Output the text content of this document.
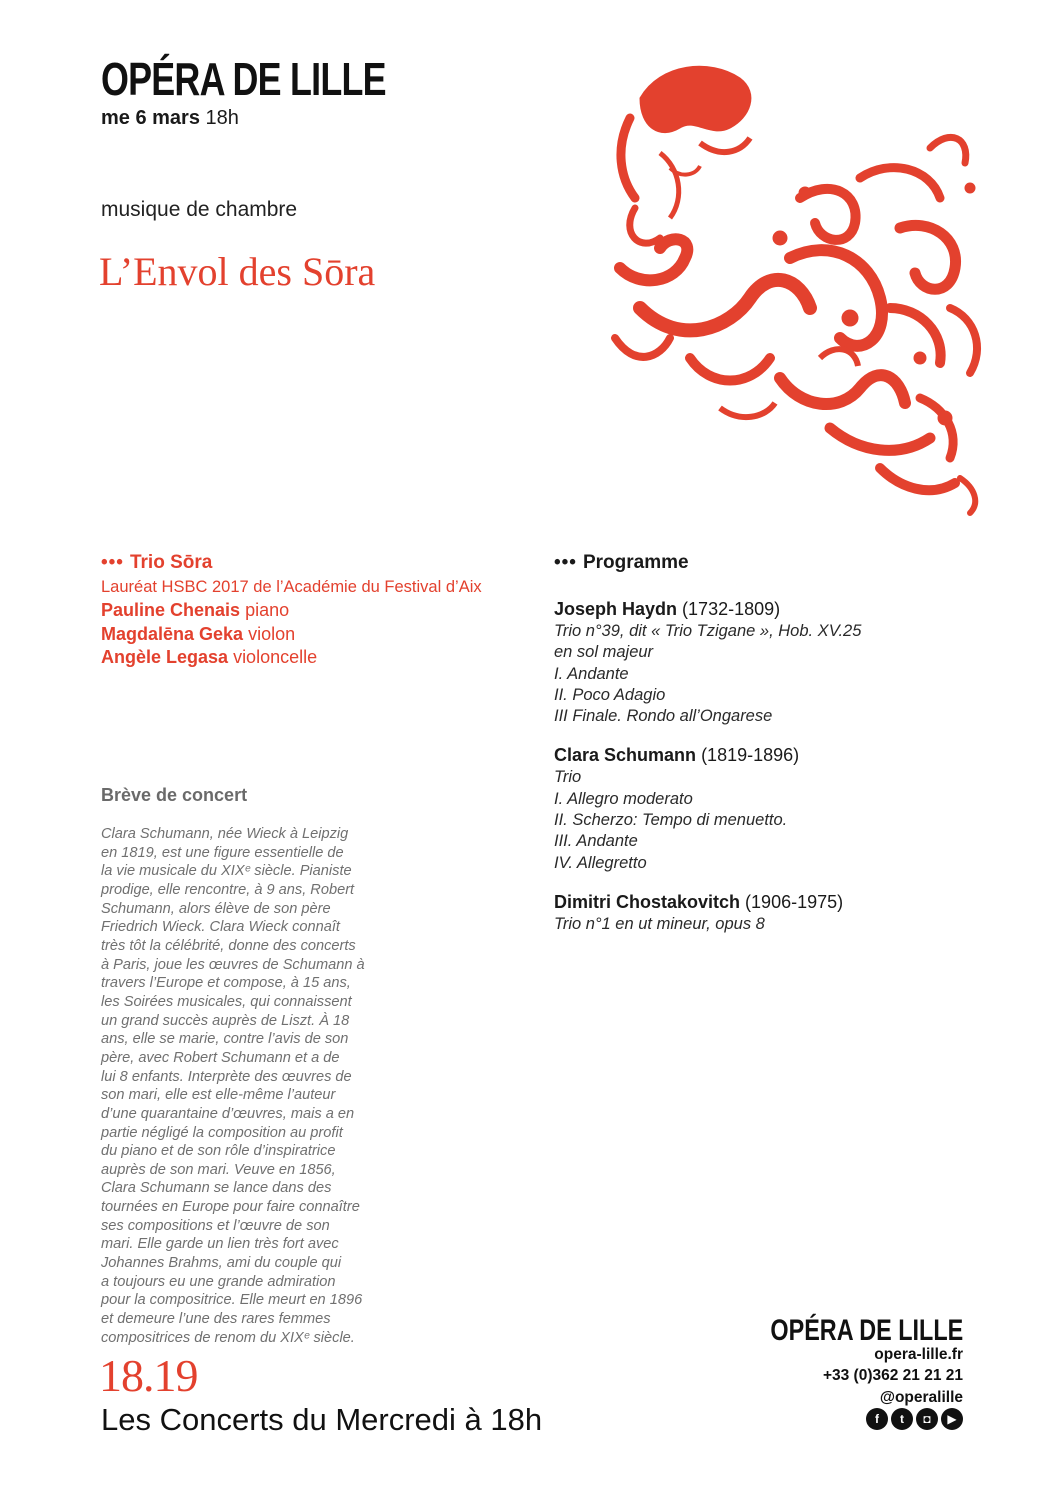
OPÉRA DE LILLE
me 6 mars 18h
musique de chambre
L’Envol des Sōra
••• Trio Sōra
Lauréat HSBC 2017 de l’Académie du Festival d’Aix
Pauline Chenais piano
Magdalēna Geka violon
Angèle Legasa violoncelle
••• Programme
Joseph Haydn (1732-1809)
Trio n°39, dit « Trio Tzigane », Hob. XV.25
en sol majeur
I. Andante
II. Poco Adagio
III Finale. Rondo all’Ongarese
Clara Schumann (1819-1896)
Trio
I. Allegro moderato
II. Scherzo: Tempo di menuetto.
III. Andante
IV. Allegretto
Dimitri Chostakovitch (1906-1975)
Trio n°1 en ut mineur, opus 8
Brève de concert
Clara Schumann, née Wieck à Leipzig
en 1819, est une figure essentielle de
la vie musicale du XIXᵉ siècle. Pianiste
prodige, elle rencontre, à 9 ans, Robert
Schumann, alors élève de son père
Friedrich Wieck. Clara Wieck connaît
très tôt la célébrité, donne des concerts
à Paris, joue les œuvres de Schumann à
travers l’Europe et compose, à 15 ans,
les Soirées musicales, qui connaissent
un grand succès auprès de Liszt. À 18
ans, elle se marie, contre l’avis de son
père, avec Robert Schumann et a de
lui 8 enfants. Interprète des œuvres de
son mari, elle est elle-même l’auteur
d’une quarantaine d’œuvres, mais a en
partie négligé la composition au profit
du piano et de son rôle d’inspiratrice
auprès de son mari. Veuve en 1856,
Clara Schumann se lance dans des
tournées en Europe pour faire connaître
ses compositions et l’œuvre de son
mari. Elle garde un lien très fort avec
Johannes Brahms, ami du couple qui
a toujours eu une grande admiration
pour la compositrice. Elle meurt en 1896
et demeure l’une des rares femmes
compositrices de renom du XIXᵉ siècle.
18.19
Les Concerts du Mercredi à 18h
OPÉRA DE LILLE
opera-lille.fr
+33 (0)362 21 21 21
@operalille
f	t	◘	▶
